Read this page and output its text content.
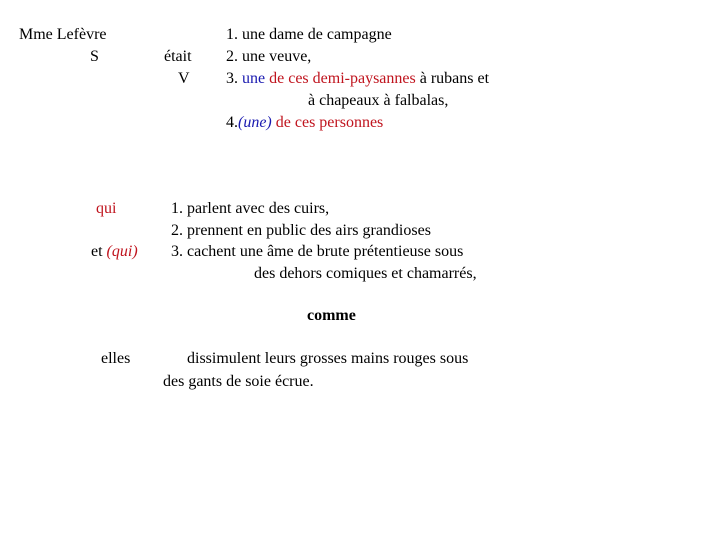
Mme Lefèvre
S	était
V
1. une dame de campagne
2. une veuve,
3. une de ces demi-paysannes à rubans et
à chapeaux à falbalas,
4.(une) de ces personnes
qui
et (qui)
1. parlent avec des cuirs,
2. prennent en public des airs grandioses
3. cachent une âme de brute prétentieuse sous
des dehors comiques et chamarrés,
comme
elles	dissimulent leurs grosses mains rouges sous
des gants de soie écrue.
